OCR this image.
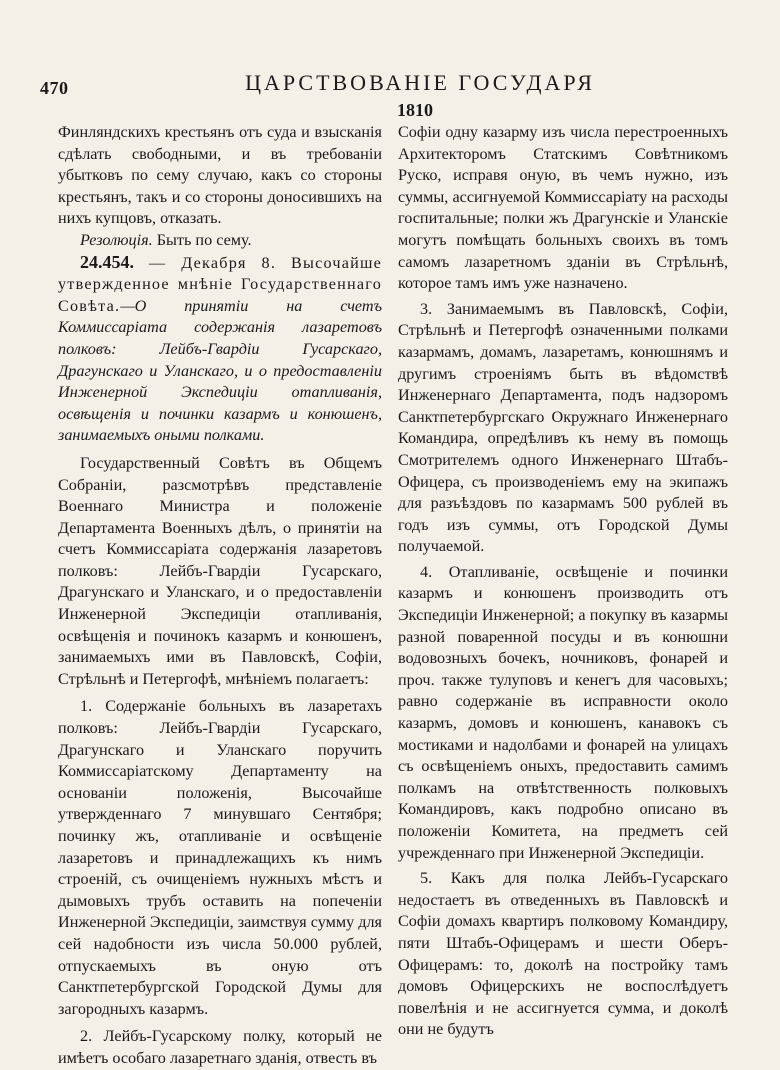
470	ЦАРСТВОВАНІЕ ГОСУДАРЯ
1810

Финляндскихъ крестьянъ отъ суда и взысканія сдѣлать свободными, и въ требованіи убытковъ по сему случаю, какъ со стороны крестьянъ, такъ и со стороны доносившихъ на нихъ купцовъ, отказать.

Резолюція. Быть по сему.

24.454. — Декабря 8. Высочайше утвержденное мнѣніе Государственнаго Совѣта.—О принятіи на счетъ Коммиссаріата содержанія лазаретовъ полковъ: Лейбъ-Гвардіи Гусарскаго, Драгунскаго и Уланскаго, и о предоставленіи Инженерной Экспедиціи отапливанія, освѣщенія и починки казармъ и конюшенъ, занимаемыхъ оными полками.

Государственный Совѣтъ въ Общемъ Собраніи, разсмотрѣвъ представленіе Военнаго Министра и положеніе Департамента Военныхъ дѣлъ, о принятіи на счетъ Коммиссаріата содержанія лазаретовъ полковъ: Лейбъ-Гвардіи Гусарскаго, Драгунскаго и Уланскаго, и о предоставленіи Инженерной Экспедиціи отапливанія, освѣщенія и починокъ казармъ и конюшенъ, занимаемыхъ ими въ Павловскѣ, Софіи, Стрѣльнѣ и Петергофѣ, мнѣніемъ полагаетъ:

1. Содержаніе больныхъ въ лазаретахъ полковъ: Лейбъ-Гвардіи Гусарскаго, Драгунскаго и Уланскаго поручить Коммиссаріатскому Департаменту на основаніи положенія, Высочайше утвержденнаго 7 минувшаго Сентября; починку жъ, отапливаніе и освѣщеніе лазаретовъ и принадлежащихъ къ нимъ строеній, съ очищеніемъ нужныхъ мѣстъ и дымовыхъ трубъ оставить на попеченіи Инженерной Экспедиціи, заимствуя сумму для сей надобности изъ числа 50.000 рублей, отпускаемыхъ въ оную отъ Санктпетербургской Городской Думы для загородныхъ казармъ.

2. Лейбъ-Гусарскому полку, который не имѣетъ особаго лазаретнаго зданія, отвесть въ

Софіи одну казарму изъ числа перестроенныхъ Архитекторомъ Статскимъ Совѣтникомъ Руско, исправя оную, въ чемъ нужно, изъ суммы, ассигнуемой Коммиссаріату на расходы госпитальные; полки жъ Драгунскіе и Уланскіе могутъ помѣщать больныхъ своихъ въ томъ самомъ лазаретномъ зданіи въ Стрѣльнѣ, которое тамъ имъ уже назначено.

3. Занимаемымъ въ Павловскѣ, Софіи, Стрѣльнѣ и Петергофѣ означенными полками казармамъ, домамъ, лазаретамъ, конюшнямъ и другимъ строеніямъ быть въ вѣдомствѣ Инженернаго Департамента, подъ надзоромъ Санктпетербургскаго Окружнаго Инженернаго Командира, опредѣливъ къ нему въ помощь Смотрителемъ одного Инженернаго Штабъ-Офицера, съ производеніемъ ему на экипажъ для разъѣздовъ по казармамъ 500 рублей въ годъ изъ суммы, отъ Городской Думы получаемой.

4. Отапливаніе, освѣщеніе и починки казармъ и конюшенъ производить отъ Экспедиціи Инженерной; а покупку въ казармы разной поваренной посуды и въ конюшни водовозныхъ бочекъ, ночниковъ, фонарей и проч. также тулуповъ и кенегъ для часовыхъ; равно содержаніе въ исправности около казармъ, домовъ и конюшенъ, канавокъ съ мостиками и надолбами и фонарей на улицахъ съ освѣщеніемъ оныхъ, предоставить самимъ полкамъ на отвѣтственность полковыхъ Командировъ, какъ подробно описано въ положеніи Комитета, на предметъ сей учрежденнаго при Инженерной Экспедиціи.

5. Какъ для полка Лейбъ-Гусарскаго недостаетъ въ отведенныхъ въ Павловскѣ и Софіи домахъ квартиръ полковому Командиру, пяти Штабъ-Офицерамъ и шести Оберъ-Офицерамъ: то, доколѣ на постройку тамъ домовъ Офицерскихъ не воспослѣдуетъ повелѣнія и не ассигнуется сумма, и доколѣ они не будутъ
